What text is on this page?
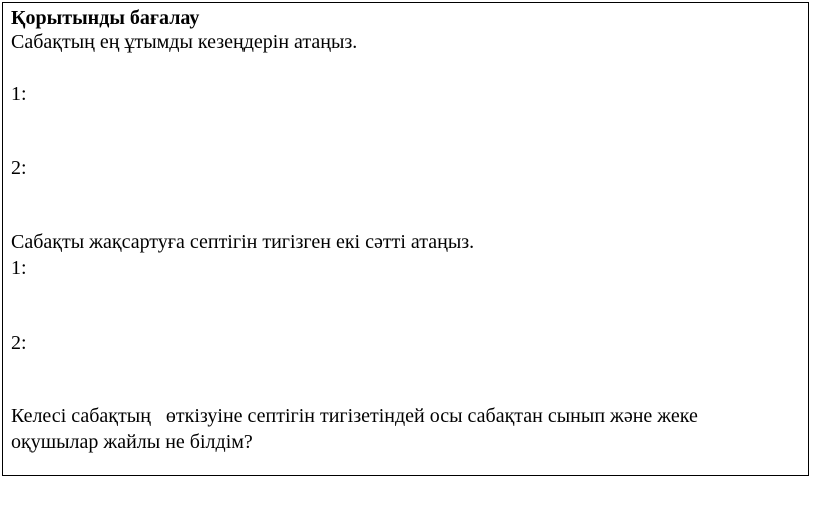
Қорытынды бағалау

Сабақтың ең ұтымды кезеңдерін атаңыз.

1:

2:

Сабақты жақсартуға септігін тигізген екі сәтті атаңыз.

1:

2:

Келесі сабақтың   өткізуіне септігін тигізетіндей осы сабақтан сынып және жеке

оқушылар жайлы не білдім?
